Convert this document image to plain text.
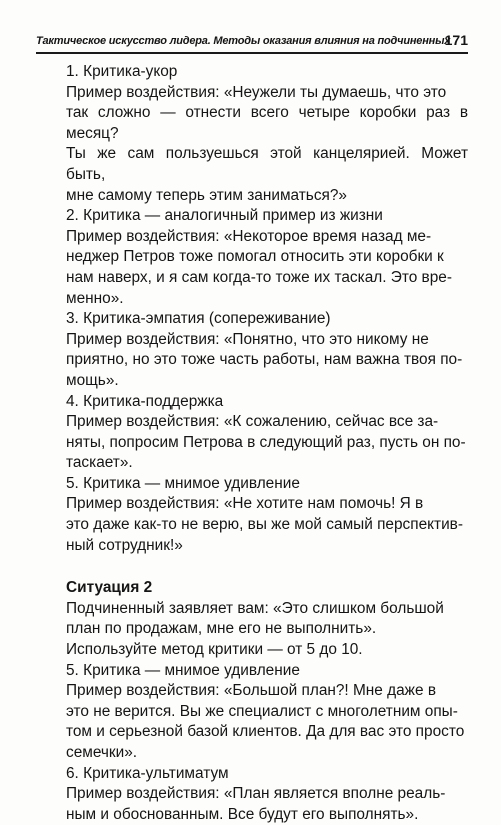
Тактическое искусство лидера. Методы оказания влияния на подчиненных
171

1. Критика-укор

Пример воздействия: «Неужели ты думаешь, что это
так сложно — отнести всего четыре коробки раз в месяц?
Ты же сам пользуешься этой канцелярией. Может быть,
мне самому теперь этим заниматься?»

2. Критика — аналогичный пример из жизни

Пример воздействия: «Некоторое время назад ме-
неджер Петров тоже помогал относить эти коробки к
нам наверх, и я сам когда-то тоже их таскал. Это вре-
менно».

3. Критика-эмпатия (сопереживание)

Пример воздействия: «Понятно, что это никому не
приятно, но это тоже часть работы, нам важна твоя по-
мощь».

4. Критика-поддержка

Пример воздействия: «К сожалению, сейчас все за-
няты, попросим Петрова в следующий раз, пусть он по-
таскает».

5. Критика — мнимое удивление

Пример воздействия: «Не хотите нам помочь! Я в
это даже как-то не верю, вы же мой самый перспектив-
ный сотрудник!»

Ситуация 2

Подчиненный заявляет вам: «Это слишком большой
план по продажам, мне его не выполнить».

Используйте метод критики — от 5 до 10.

5. Критика — мнимое удивление

Пример воздействия: «Большой план?! Мне даже в
это не верится. Вы же специалист с многолетним опы-
том и серьезной базой клиентов. Да для вас это просто
семечки».

6. Критика-ультиматум

Пример воздействия: «План является вполне реаль-
ным и обоснованным. Все будут его выполнять».
